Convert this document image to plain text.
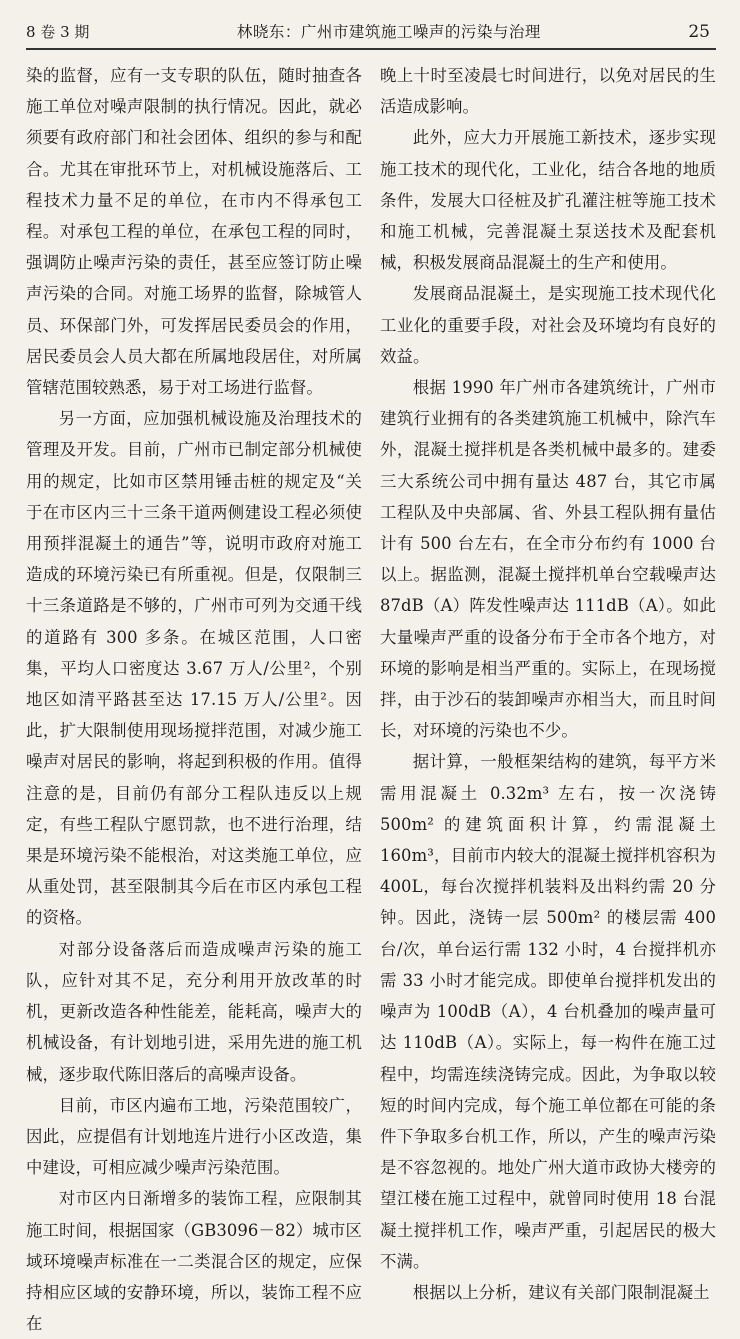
8 卷 3 期	林晓东：广州市建筑施工噪声的污染与治理	25

染的监督，应有一支专职的队伍，随时抽查各施工单位对噪声限制的执行情况。因此，就必须要有政府部门和社会团体、组织的参与和配合。尤其在审批环节上，对机械设施落后、工程技术力量不足的单位，在市内不得承包工程。对承包工程的单位，在承包工程的同时，强调防止噪声污染的责任，甚至应签订防止噪声污染的合同。对施工场界的监督，除城管人员、环保部门外，可发挥居民委员会的作用，居民委员会人员大都在所属地段居住，对所属管辖范围较熟悉，易于对工场进行监督。

另一方面，应加强机械设施及治理技术的管理及开发。目前，广州市已制定部分机械使用的规定，比如市区禁用锤击桩的规定及“关于在市区内三十三条干道两侧建设工程必须使用预拌混凝土的通告”等，说明市政府对施工造成的环境污染已有所重视。但是，仅限制三十三条道路是不够的，广州市可列为交通干线的道路有 300 多条。在城区范围，人口密集，平均人口密度达 3.67 万人/公里²，个别地区如清平路甚至达 17.15 万人/公里²。因此，扩大限制使用现场搅拌范围，对减少施工噪声对居民的影响，将起到积极的作用。值得注意的是，目前仍有部分工程队违反以上规定，有些工程队宁愿罚款，也不进行治理，结果是环境污染不能根治，对这类施工单位，应从重处罚，甚至限制其今后在市区内承包工程的资格。

对部分设备落后而造成噪声污染的施工队，应针对其不足，充分利用开放改革的时机，更新改造各种性能差，能耗高，噪声大的机械设备，有计划地引进，采用先进的施工机械，逐步取代陈旧落后的高噪声设备。

目前，市区内遍布工地，污染范围较广，因此，应提倡有计划地连片进行小区改造，集中建设，可相应减少噪声污染范围。

对市区内日渐增多的装饰工程，应限制其施工时间，根据国家（GB3096－82）城市区域环境噪声标准在一二类混合区的规定，应保持相应区域的安静环境，所以，装饰工程不应在

晚上十时至凌晨七时间进行，以免对居民的生活造成影响。

此外，应大力开展施工新技术，逐步实现施工技术的现代化，工业化，结合各地的地质条件，发展大口径桩及扩孔灌注桩等施工技术和施工机械，完善混凝土泵送技术及配套机械，积极发展商品混凝土的生产和使用。

发展商品混凝土，是实现施工技术现代化工业化的重要手段，对社会及环境均有良好的效益。

根据 1990 年广州市各建筑统计，广州市建筑行业拥有的各类建筑施工机械中，除汽车外，混凝土搅拌机是各类机械中最多的。建委三大系统公司中拥有量达 487 台，其它市属工程队及中央部属、省、外县工程队拥有量估计有 500 台左右，在全市分布约有 1000 台以上。据监测，混凝土搅拌机单台空载噪声达 87dB（A）阵发性噪声达 111dB（A）。如此大量噪声严重的设备分布于全市各个地方，对环境的影响是相当严重的。实际上，在现场搅拌，由于沙石的装卸噪声亦相当大，而且时间长，对环境的污染也不少。

据计算，一般框架结构的建筑，每平方米需用混凝土 0.32m³ 左右，按一次浇铸 500m² 的建筑面积计算，约需混凝土 160m³，目前市内较大的混凝土搅拌机容积为 400L，每台次搅拌机装料及出料约需 20 分钟。因此，浇铸一层 500m² 的楼层需 400 台/次，单台运行需 132 小时，4 台搅拌机亦需 33 小时才能完成。即使单台搅拌机发出的噪声为 100dB（A），4 台机叠加的噪声量可达 110dB（A）。实际上，每一构件在施工过程中，均需连续浇铸完成。因此，为争取以较短的时间内完成，每个施工单位都在可能的条件下争取多台机工作，所以，产生的噪声污染是不容忽视的。地处广州大道市政协大楼旁的望江楼在施工过程中，就曾同时使用 18 台混凝土搅拌机工作，噪声严重，引起居民的极大不满。

根据以上分析，建议有关部门限制混凝土
